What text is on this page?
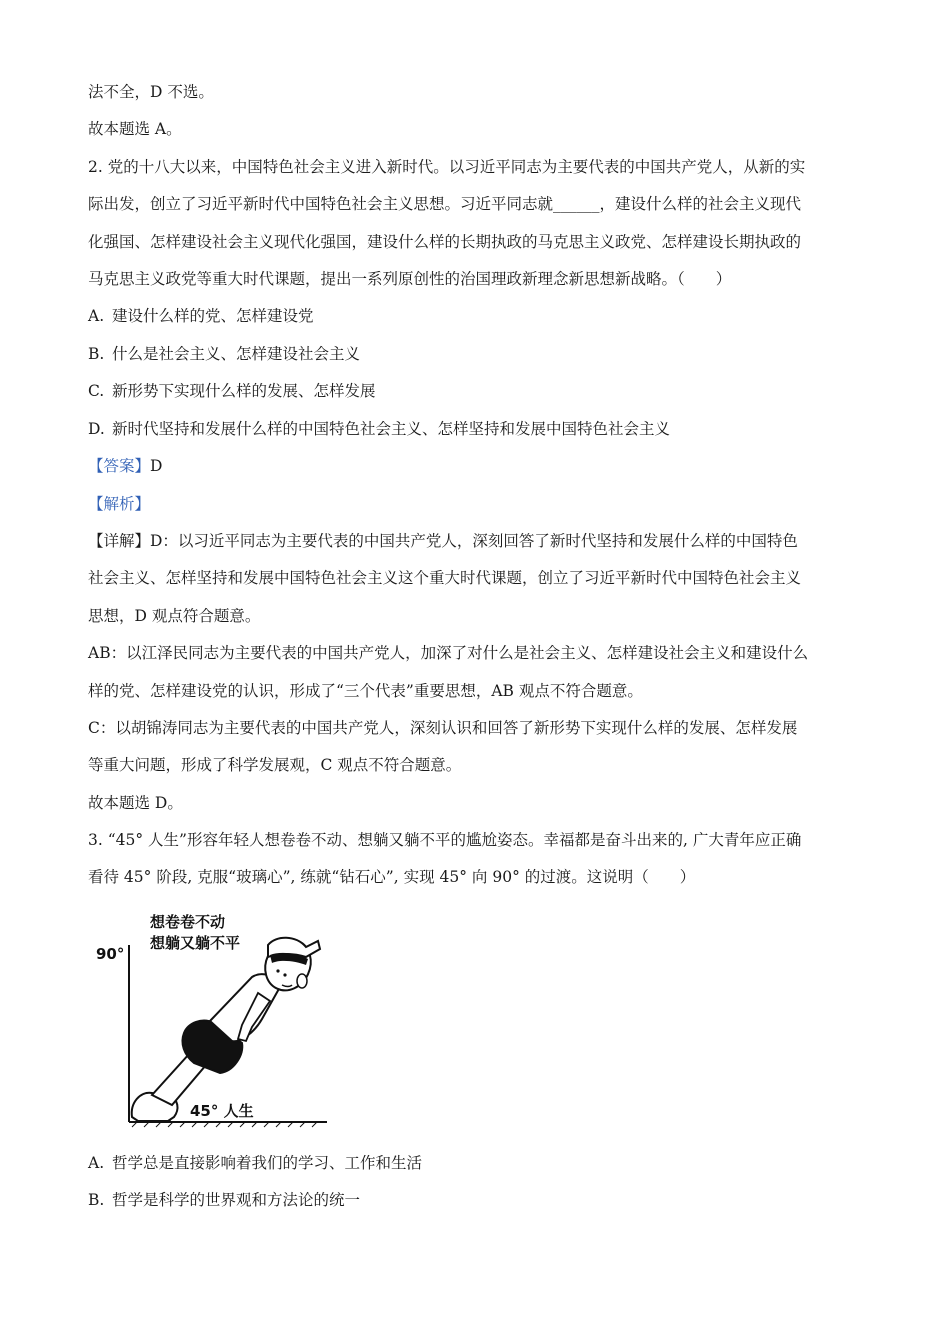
法不全，D 不选。
故本题选 A。
2. 党的十八大以来，中国特色社会主义进入新时代。以习近平同志为主要代表的中国共产党人，从新的实
际出发，创立了习近平新时代中国特色社会主义思想。习近平同志就______，建设什么样的社会主义现代
化强国、怎样建设社会主义现代化强国，建设什么样的长期执政的马克思主义政党、怎样建设长期执政的
马克思主义政党等重大时代课题，提出一系列原创性的治国理政新理念新思想新战略。（　　）
A. 建设什么样的党、怎样建设党
B. 什么是社会主义、怎样建设社会主义
C. 新形势下实现什么样的发展、怎样发展
D. 新时代坚持和发展什么样的中国特色社会主义、怎样坚持和发展中国特色社会主义
【答案】D
【解析】
【详解】D：以习近平同志为主要代表的中国共产党人，深刻回答了新时代坚持和发展什么样的中国特色
社会主义、怎样坚持和发展中国特色社会主义这个重大时代课题，创立了习近平新时代中国特色社会主义
思想，D 观点符合题意。
AB：以江泽民同志为主要代表的中国共产党人，加深了对什么是社会主义、怎样建设社会主义和建设什么
样的党、怎样建设党的认识，形成了“三个代表”重要思想，AB 观点不符合题意。
C：以胡锦涛同志为主要代表的中国共产党人，深刻认识和回答了新形势下实现什么样的发展、怎样发展
等重大问题，形成了科学发展观，C 观点不符合题意。
故本题选 D。
3. “45° 人生”形容年轻人想卷卷不动、想躺又躺不平的尴尬姿态。幸福都是奋斗出来的, 广大青年应正确
看待 45° 阶段, 克服“玻璃心”, 练就“钻石心”, 实现 45° 向 90° 的过渡。这说明（　　）
想卷卷不动
想躺又躺不平
90°
45° 人生
A. 哲学总是直接影响着我们的学习、工作和生活
B. 哲学是科学的世界观和方法论的统一
